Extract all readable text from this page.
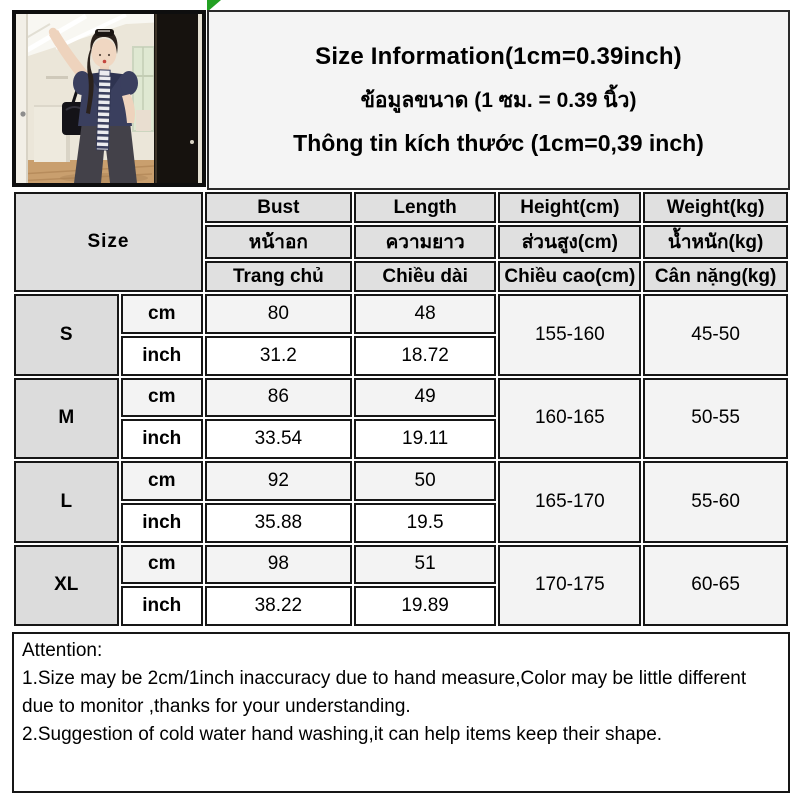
Size Information(1cm=0.39inch)
ข้อมูลขนาด (1 ซม. = 0.39 นิ้ว)
Thông tin kích thước (1cm=0,39 inch)
Size		Bust	Length	Height(cm)	Weight(kg)
		หน้าอก	ความยาว	ส่วนสูง(cm)	น้ำหนัก(kg)
		Trang chủ	Chiều dài	Chiều cao(cm)	Cân nặng(kg)
S	cm	80	48	155-160	45-50
	inch	31.2	18.72		
M	cm	86	49	160-165	50-55
	inch	33.54	19.11		
L	cm	92	50	165-170	55-60
	inch	35.88	19.5		
XL	cm	98	51	170-175	60-65
	inch	38.22	19.89		
Attention:
1.Size may be 2cm/1inch inaccuracy due to hand measure,Color may be little different due to monitor ,thanks for your understanding.
2.Suggestion of cold water hand washing,it can help items keep their shape.
